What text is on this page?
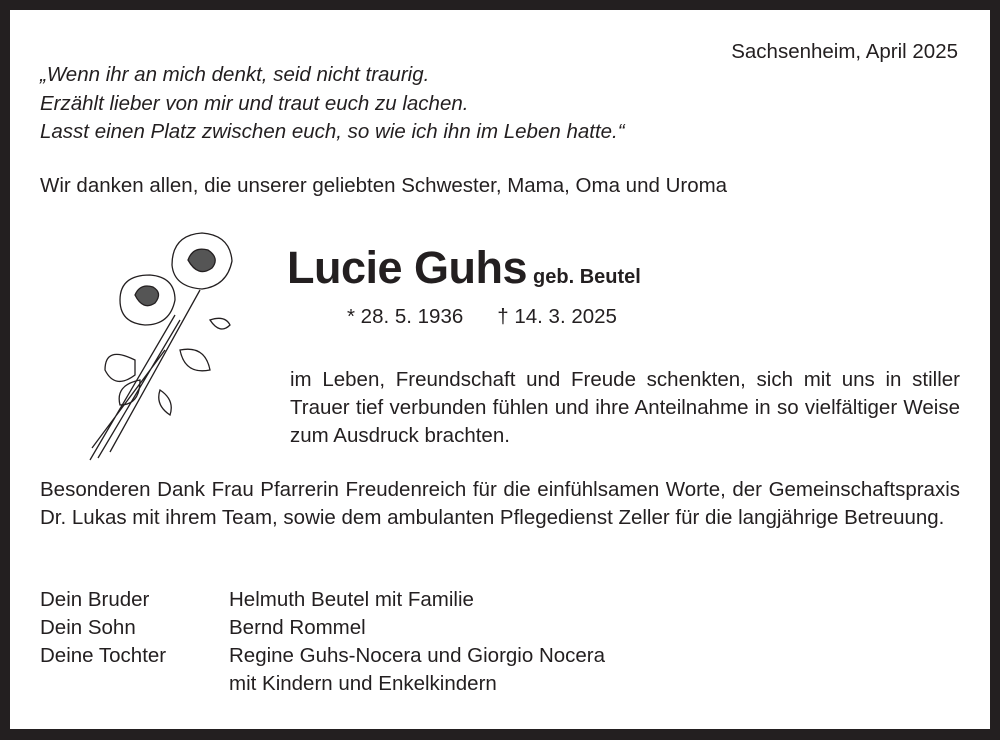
Sachsenheim, April 2025
„Wenn ihr an mich denkt, seid nicht traurig.
Erzählt lieber von mir und traut euch zu lachen.
Lasst einen Platz zwischen euch, so wie ich ihn im Leben hatte.“
Wir danken allen, die unserer geliebten Schwester, Mama, Oma und Uroma
Lucie Guhs geb. Beutel
* 28. 5. 1936 † 14. 3. 2025
im Leben, Freundschaft und Freude schenkten, sich mit uns in stiller Trauer tief verbunden fühlen und ihre Anteilnahme in so vielfältiger Weise zum Ausdruck brachten.
Besonderen Dank Frau Pfarrerin Freudenreich für die einfühlsamen Worte, der Gemeinschaftspraxis Dr. Lukas mit ihrem Team, sowie dem ambulanten Pflegedienst Zeller für die langjährige Betreuung.
Dein Bruder	Helmuth Beutel mit Familie
Dein Sohn	Bernd Rommel
Deine Tochter	Regine Guhs-Nocera und Giorgio Nocera
mit Kindern und Enkelkindern
